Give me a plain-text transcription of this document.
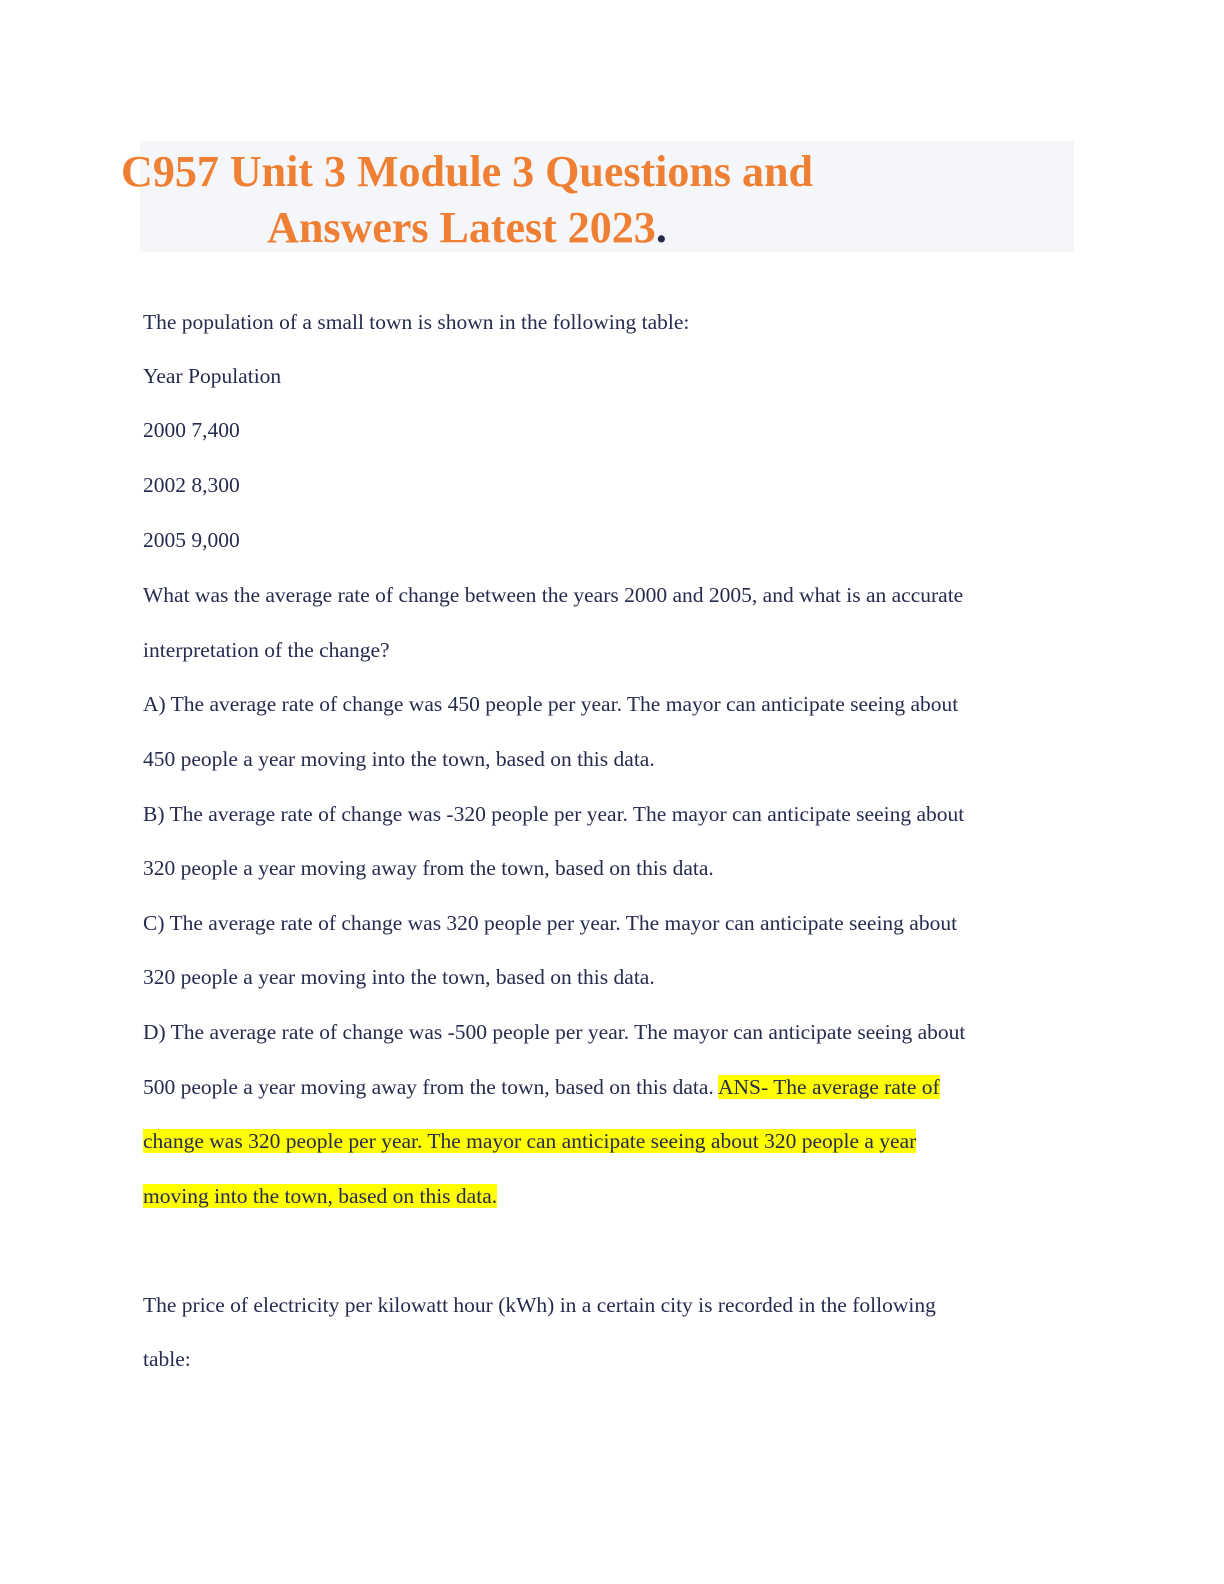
C957 Unit 3 Module 3 Questions and
Answers Latest 2023.
The population of a small town is shown in the following table:
Year Population
2000 7,400
2002 8,300
2005 9,000
What was the average rate of change between the years 2000 and 2005, and what is an accurate
interpretation of the change?
A) The average rate of change was 450 people per year. The mayor can anticipate seeing about
450 people a year moving into the town, based on this data.
B) The average rate of change was -320 people per year. The mayor can anticipate seeing about
320 people a year moving away from the town, based on this data.
C) The average rate of change was 320 people per year. The mayor can anticipate seeing about
320 people a year moving into the town, based on this data.
D) The average rate of change was -500 people per year. The mayor can anticipate seeing about
500 people a year moving away from the town, based on this data. ANS- The average rate of
change was 320 people per year. The mayor can anticipate seeing about 320 people a year
moving into the town, based on this data.
The price of electricity per kilowatt hour (kWh) in a certain city is recorded in the following
table:
